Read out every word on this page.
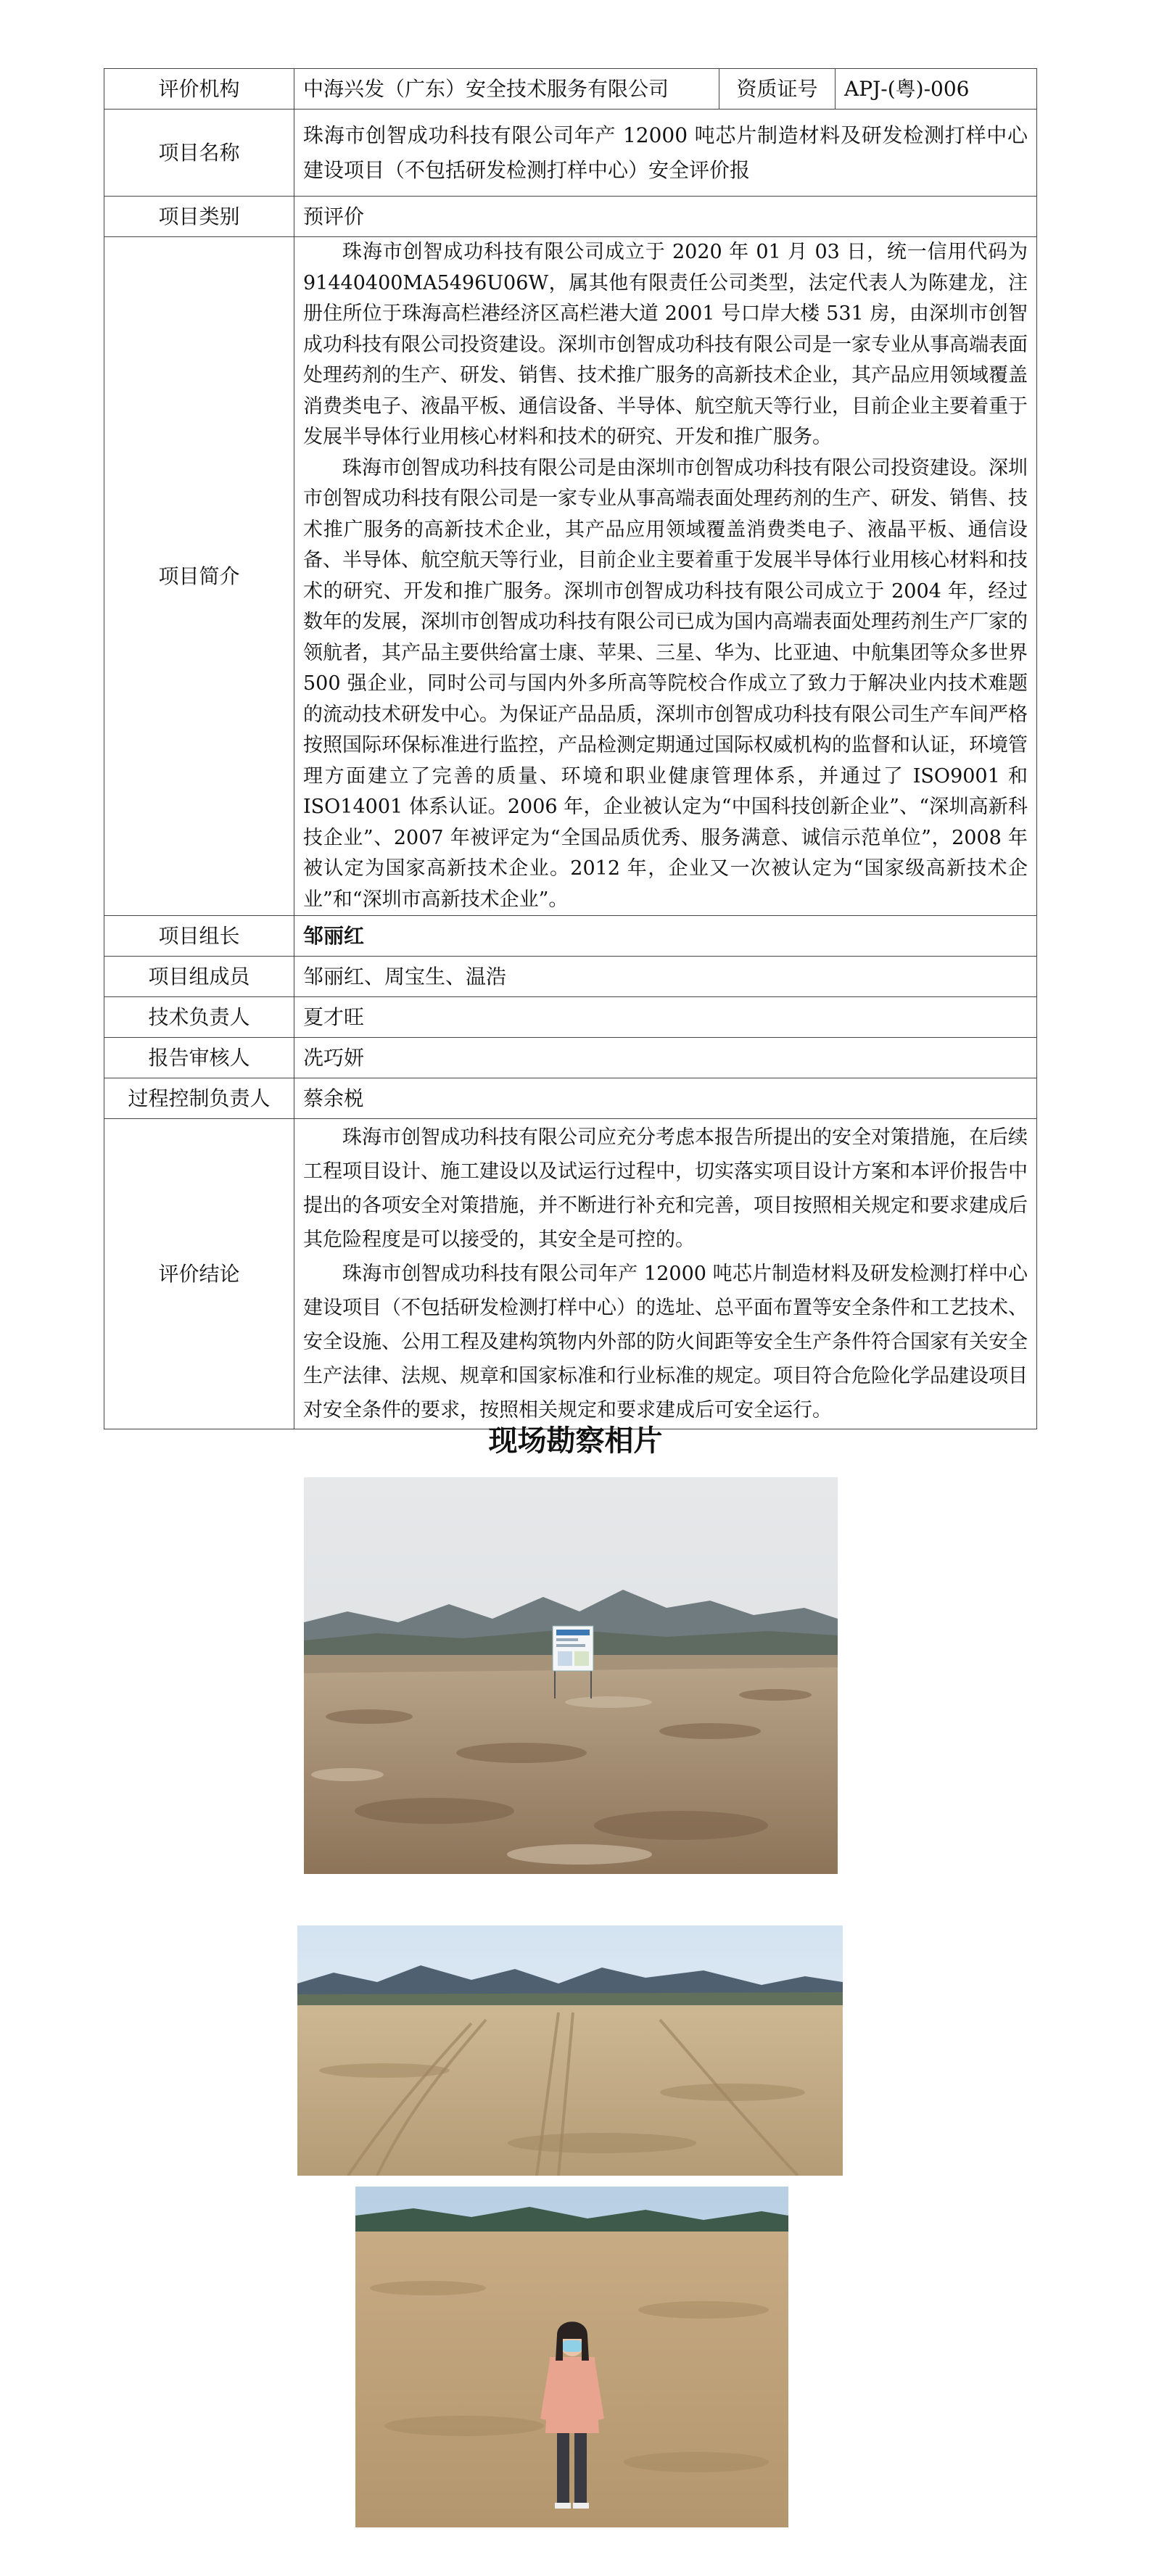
评价机构	中海兴发（广东）安全技术服务有限公司	资质证号	APJ-(粤)-006
项目名称	珠海市创智成功科技有限公司年产 12000 吨芯片制造材料及研发检测打样中心建设项目（不包括研发检测打样中心）安全评价报		

项目类别	预评价		
项目简介	珠海市创智成功科技有限公司成立于 2020 年 01 月 03 日，统一信用代码为 91440400MA5496U06W，属其他有限责任公司类型，法定代表人为陈建龙，注册住所位于珠海高栏港经济区高栏港大道 2001 号口岸大楼 531 房，由深圳市创智成功科技有限公司投资建设。深圳市创智成功科技有限公司是一家专业从事高端表面处理药剂的生产、研发、销售、技术推广服务的高新技术企业，其产品应用领域覆盖消费类电子、液晶平板、通信设备、半导体、航空航天等行业，目前企业主要着重于发展半导体行业用核心材料和技术的研究、开发和推广服务。

珠海市创智成功科技有限公司是由深圳市创智成功科技有限公司投资建设。深圳市创智成功科技有限公司是一家专业从事高端表面处理药剂的生产、研发、销售、技术推广服务的高新技术企业，其产品应用领域覆盖消费类电子、液晶平板、通信设备、半导体、航空航天等行业，目前企业主要着重于发展半导体行业用核心材料和技术的研究、开发和推广服务。深圳市创智成功科技有限公司成立于 2004 年，经过数年的发展，深圳市创智成功科技有限公司已成为国内高端表面处理药剂生产厂家的领航者，其产品主要供给富士康、苹果、三星、华为、比亚迪、中航集团等众多世界 500 强企业，同时公司与国内外多所高等院校合作成立了致力于解决业内技术难题的流动技术研发中心。为保证产品品质，深圳市创智成功科技有限公司生产车间严格按照国际环保标准进行监控，产品检测定期通过国际权威机构的监督和认证，环境管理方面建立了完善的质量、环境和职业健康管理体系，并通过了 ISO9001 和 ISO14001 体系认证。2006 年，企业被认定为“中国科技创新企业”、“深圳高新科技企业”、2007 年被评定为“全国品质优秀、服务满意、诚信示范单位”，2008 年被认定为国家高新技术企业。2012 年，企业又一次被认定为“国家级高新技术企业”和“深圳市高新技术企业”。		

项目组长	邹丽红		
项目组成员	邹丽红、周宝生、温浩		
技术负责人	夏才旺		
报告审核人	冼巧妍		
过程控制负责人	蔡余棁		
评价结论	珠海市创智成功科技有限公司应充分考虑本报告所提出的安全对策措施，在后续工程项目设计、施工建设以及试运行过程中，切实落实项目设计方案和本评价报告中提出的各项安全对策措施，并不断进行补充和完善，项目按照相关规定和要求建成后其危险程度是可以接受的，其安全是可控的。

珠海市创智成功科技有限公司年产 12000 吨芯片制造材料及研发检测打样中心建设项目（不包括研发检测打样中心）的选址、总平面布置等安全条件和工艺技术、安全设施、公用工程及建构筑物内外部的防火间距等安全生产条件符合国家有关安全生产法律、法规、规章和国家标准和行业标准的规定。项目符合危险化学品建设项目对安全条件的要求，按照相关规定和要求建成后可安全运行。		

现场勘察相片
